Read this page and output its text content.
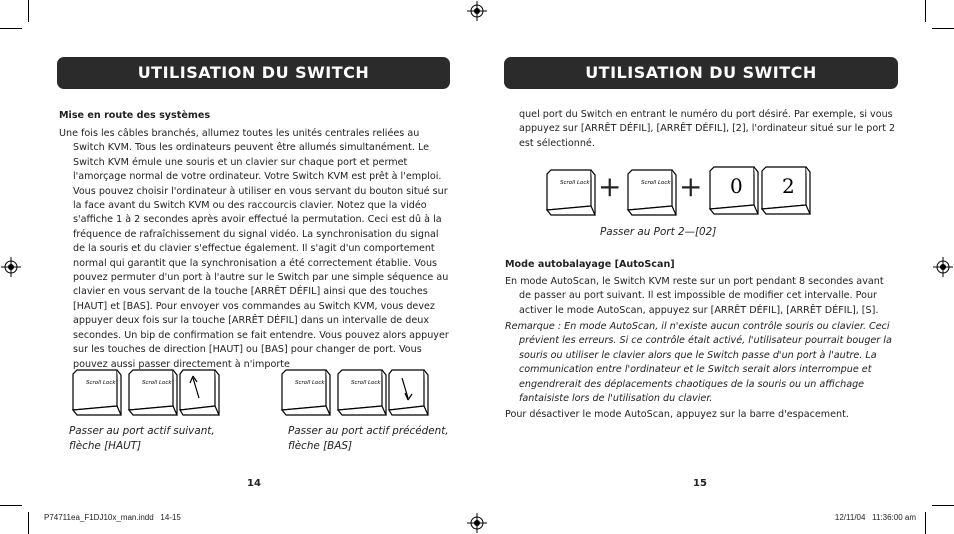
UTILISATION DU SWITCH	UTILISATION DU SWITCH
Mise en route des systèmes

Une fois les câbles branchés, allumez toutes les unités centrales reliées au Switch KVM. Tous les ordinateurs peuvent être allumés simultanément. Le Switch KVM émule une souris et un clavier sur chaque port et permet l'amorçage normal de votre ordinateur. Votre Switch KVM est prêt à l'emploi. Vous pouvez choisir l'ordinateur à utiliser en vous servant du bouton situé sur la face avant du Switch KVM ou des raccourcis clavier. Notez que la vidéo s'affiche 1 à 2 secondes après avoir effectué la permutation. Ceci est dû à la fréquence de rafraîchissement du signal vidéo. La synchronisation du signal de la souris et du clavier s'effectue également. Il s'agit d'un comportement normal qui garantit que la synchronisation a été correctement établie. Vous pouvez permuter d'un port à l'autre sur le Switch par une simple séquence au clavier en vous servant de la touche [ARRÊT DÉFIL] ainsi que des touches [HAUT] et [BAS]. Pour envoyer vos commandes au Switch KVM, vous devez appuyer deux fois sur la touche [ARRÊT DÉFIL] dans un intervalle de deux secondes. Un bip de confirmation se fait entendre. Vous pouvez alors appuyer sur les touches de direction [HAUT] ou [BAS] pour changer de port. Vous pouvez aussi passer directement à n'importe

Scroll Lock	Scroll Lock	Scroll Lock	Scroll Lock
Passer au port actif suivant, flèche [HAUT]
Passer au port actif précédent, flèche [BAS]
14

quel port du Switch en entrant le numéro du port désiré. Par exemple, si vous appuyez sur [ARRÊT DÉFIL], [ARRÊT DÉFIL], [2], l'ordinateur situé sur le port 2 est sélectionné.

Scroll Lock +	Scroll Lock + 0 2
Passer au Port 2—[02]
Mode autobalayage [AutoScan]

En mode AutoScan, le Switch KVM reste sur un port pendant 8 secondes avant de passer au port suivant. Il est impossible de modifier cet intervalle. Pour activer le mode AutoScan, appuyez sur [ARRÊT DÉFIL], [ARRÊT DÉFIL], [S].

Remarque : En mode AutoScan, il n'existe aucun contrôle souris ou clavier. Ceci prévient les erreurs. Si ce contrôle était activé, l'utilisateur pourrait bouger la souris ou utiliser le clavier alors que le Switch passe d'un port à l'autre. La communication entre l'ordinateur et le Switch serait alors interrompue et engendrerait des déplacements chaotiques de la souris ou un affichage fantaisiste lors de l'utilisation du clavier.

Pour désactiver le mode AutoScan, appuyez sur la barre d'espacement.

15
P74711ea_F1DJ10x_man.indd   14-15	12/11/04   11:36:00 am
